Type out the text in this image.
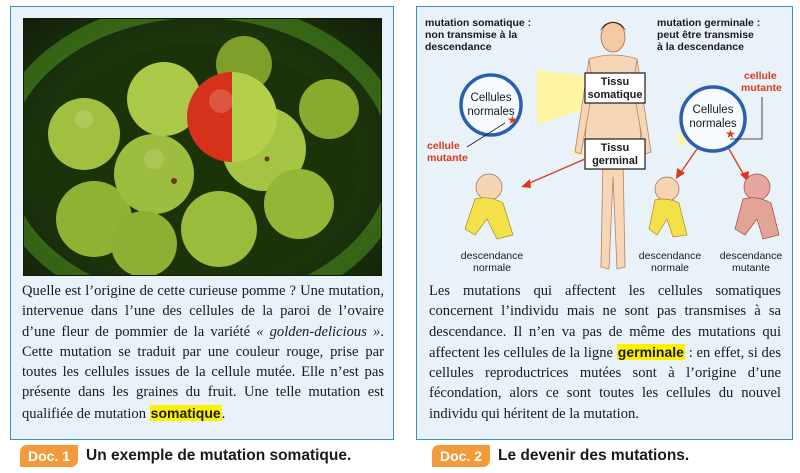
Quelle est l’origine de cette curieuse pomme ? Une mutation, intervenue dans l’une des cellules de la paroi de l’ovaire d’une fleur de pommier de la variété « golden-delicious ». Cette mutation se traduit par une couleur rouge, prise par toutes les cellules issues de la cellule mutée. Elle n’est pas présente dans les graines du fruit. Une telle mutation est qualifiée de mutation somatique.

Doc. 1	Un exemple de mutation somatique.
mutation somatique :
non transmise à la
descendance
mutation germinale :
peut être transmise
à la descendance
Tissu
somatique
Tissu
germinal
Cellules
normales
★
Cellules
normales
★
cellule
mutante
cellule
mutante
descendance
normale
descendance
normale
descendance
mutante

Les mutations qui affectent les cellules somatiques concernent l’individu mais ne sont pas transmises à sa descendance. Il n’en va pas de même des mutations qui affectent les cellules de la ligne germinale : en effet, si des cellules reproductrices mutées sont à l’origine d’une fécondation, alors ce sont toutes les cellules du nouvel individu qui héritent de la mutation.

Doc. 2	Le devenir des mutations.
